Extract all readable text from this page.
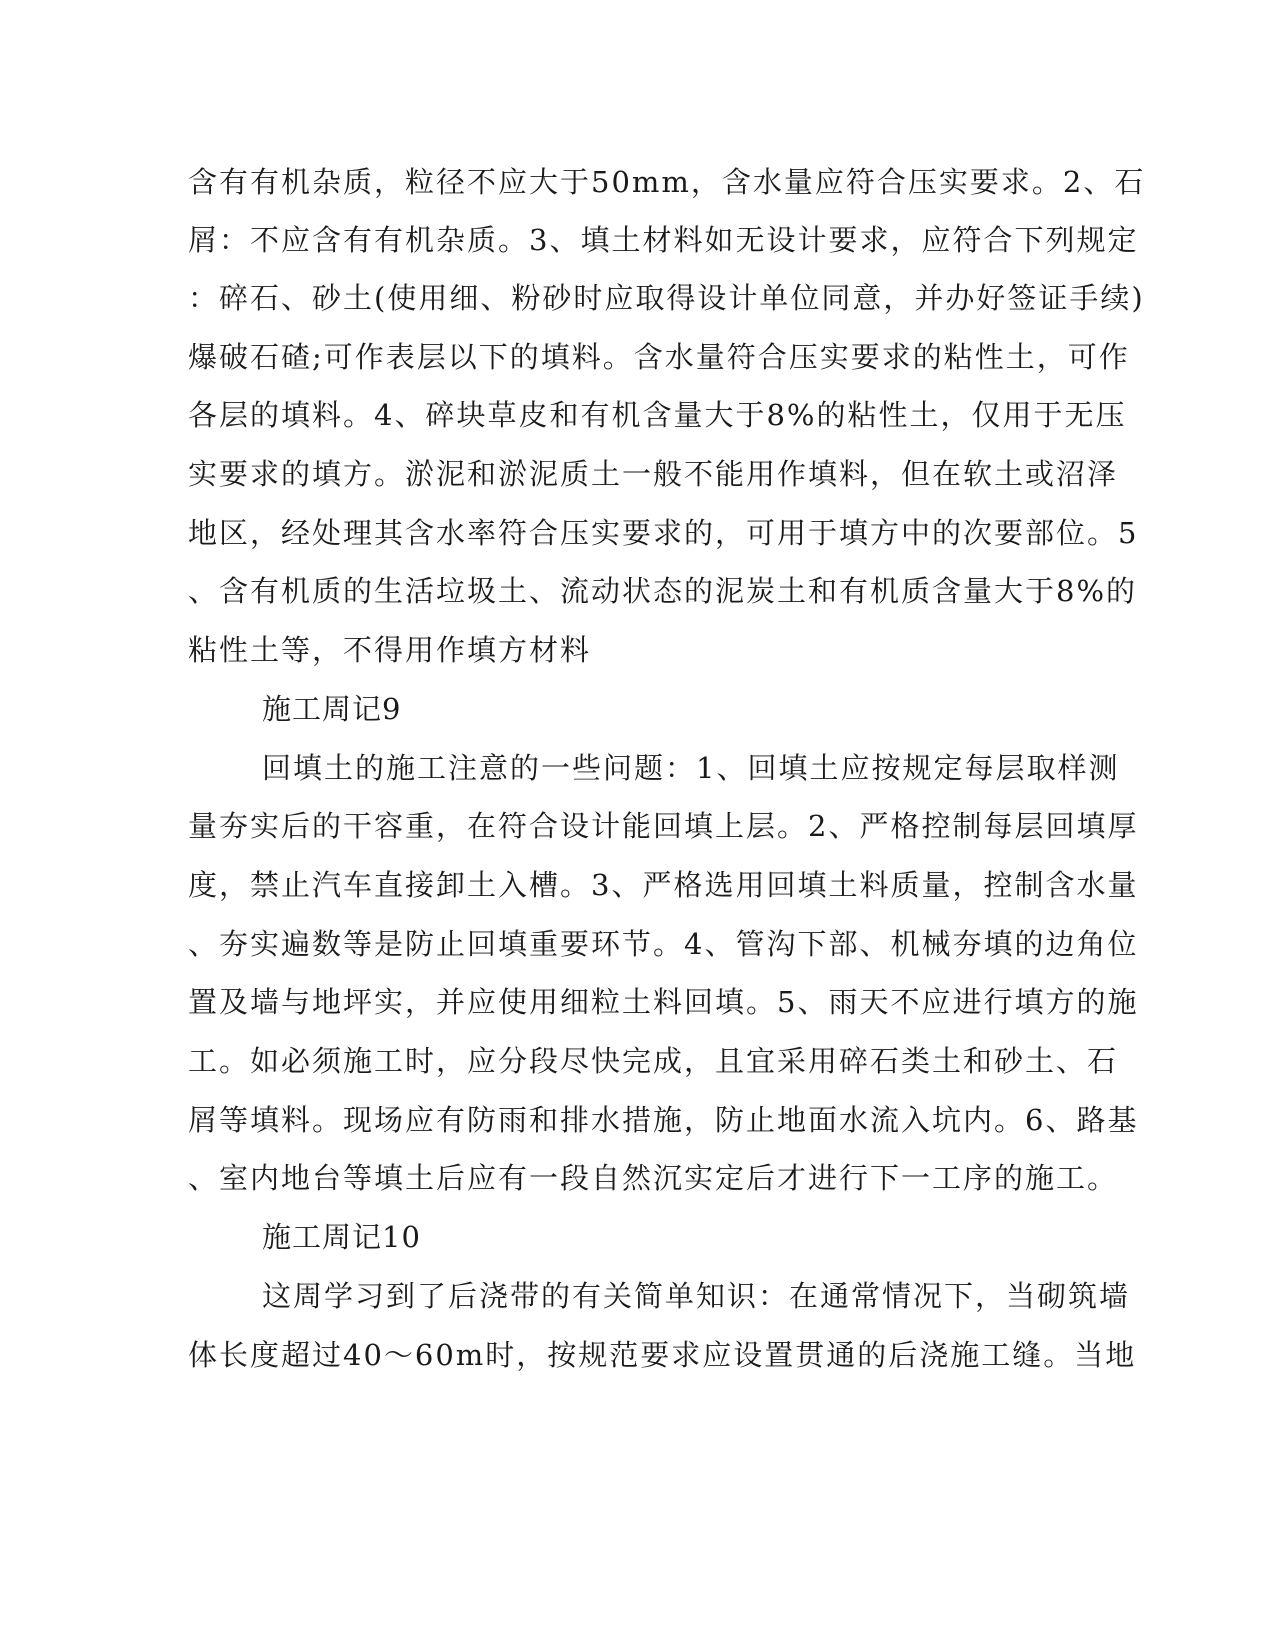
含有有机杂质，粒径不应大于50mm，含水量应符合压实要求。2、石
屑：不应含有有机杂质。3、填土材料如无设计要求，应符合下列规定
：碎石、砂土(使用细、粉砂时应取得设计单位同意，并办好签证手续)
爆破石碴;可作表层以下的填料。含水量符合压实要求的粘性土，可作
各层的填料。4、碎块草皮和有机含量大于8%的粘性土，仅用于无压
实要求的填方。淤泥和淤泥质土一般不能用作填料，但在软土或沼泽
地区，经处理其含水率符合压实要求的，可用于填方中的次要部位。5
、含有机质的生活垃圾土、流动状态的泥炭土和有机质含量大于8%的
粘性土等，不得用作填方材料
施工周记9
回填土的施工注意的一些问题：1、回填土应按规定每层取样测
量夯实后的干容重，在符合设计能回填上层。2、严格控制每层回填厚
度，禁止汽车直接卸土入槽。3、严格选用回填土料质量，控制含水量
、夯实遍数等是防止回填重要环节。4、管沟下部、机械夯填的边角位
置及墙与地坪实，并应使用细粒土料回填。5、雨天不应进行填方的施
工。如必须施工时，应分段尽快完成，且宜采用碎石类土和砂土、石
屑等填料。现场应有防雨和排水措施，防止地面水流入坑内。6、路基
、室内地台等填土后应有一段自然沉实定后才进行下一工序的施工。
施工周记10
这周学习到了后浇带的有关简单知识：在通常情况下，当砌筑墙
体长度超过40～60m时，按规范要求应设置贯通的后浇施工缝。当地
